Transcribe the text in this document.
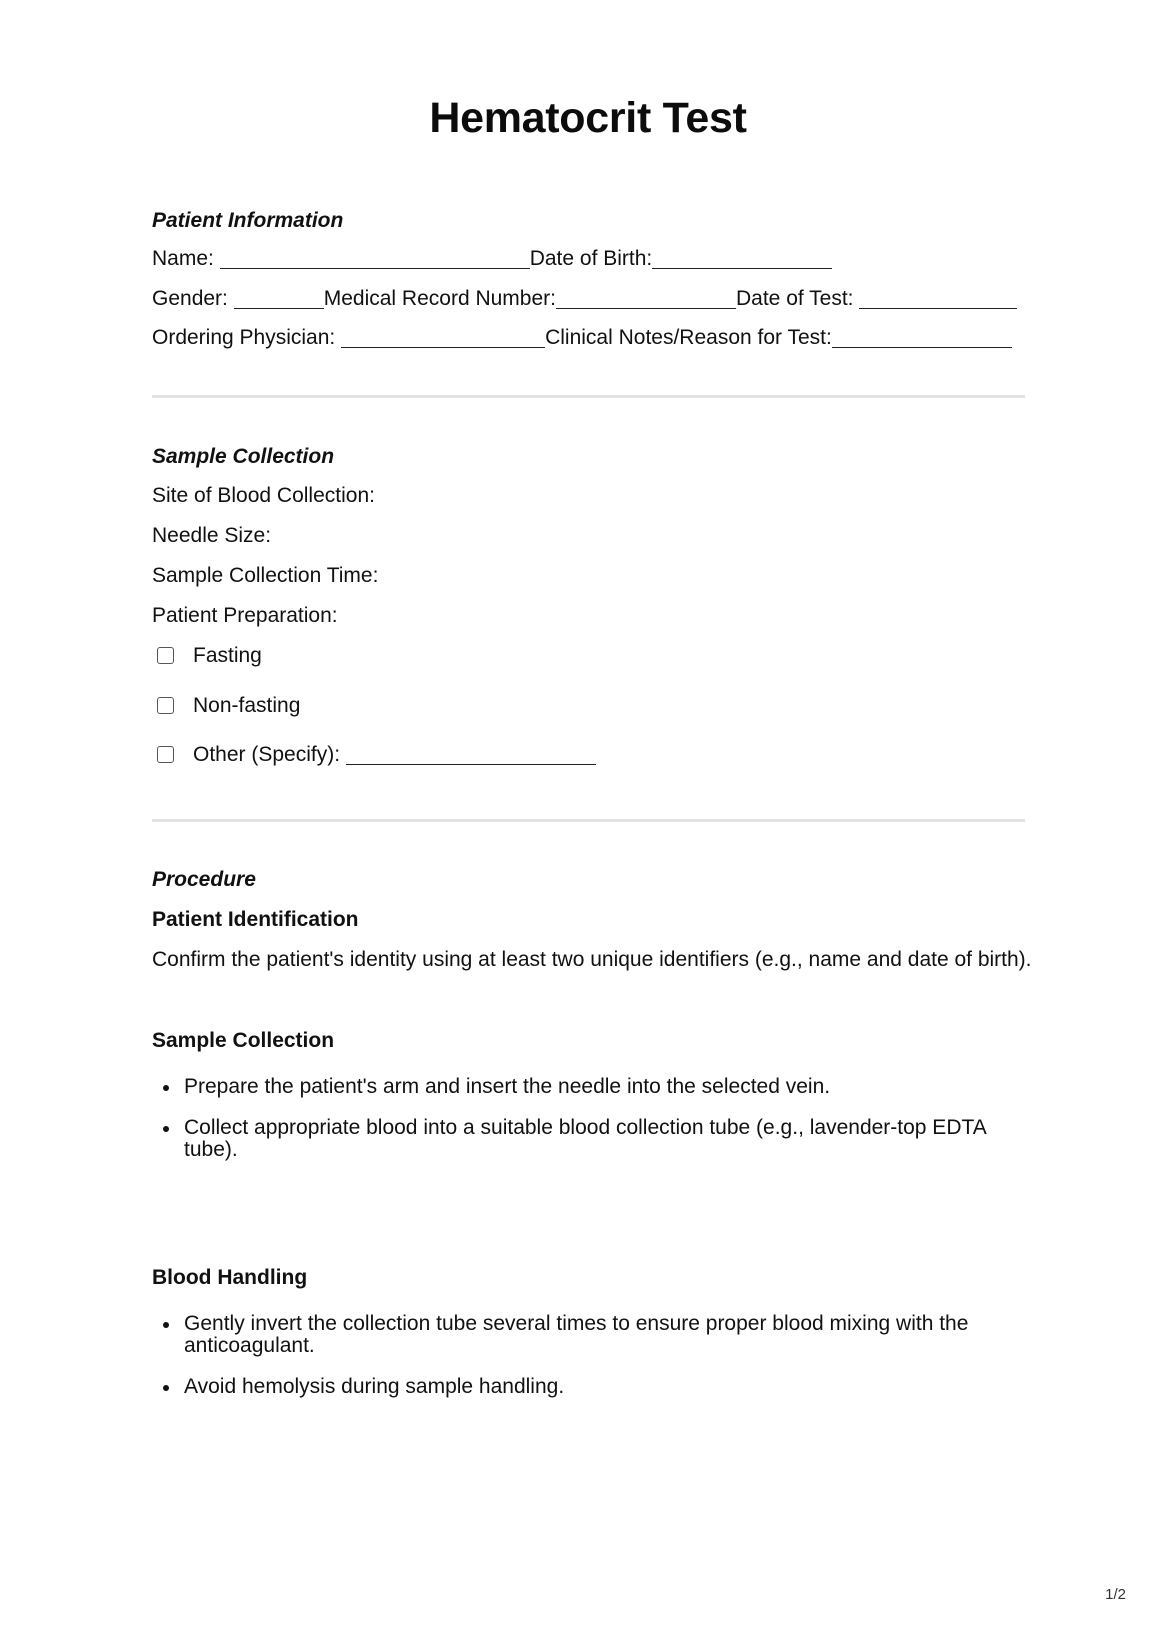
Hematocrit Test
Patient Information
Name:	Date of Birth:
Gender:	Medical Record Number:	Date of Test:
Ordering Physician:	Clinical Notes/Reason for Test:
Sample Collection
Site of Blood Collection:
Needle Size:
Sample Collection Time:
Patient Preparation:
Fasting
Non-fasting
Other (Specify):
Procedure
Patient Identification
Confirm the patient's identity using at least two unique identifiers (e.g., name and date of birth).
Sample Collection
Prepare the patient's arm and insert the needle into the selected vein.
Collect appropriate blood into a suitable blood collection tube (e.g., lavender-top EDTA tube).
Blood Handling
Gently invert the collection tube several times to ensure proper blood mixing with the anticoagulant.
Avoid hemolysis during sample handling.
1/2
